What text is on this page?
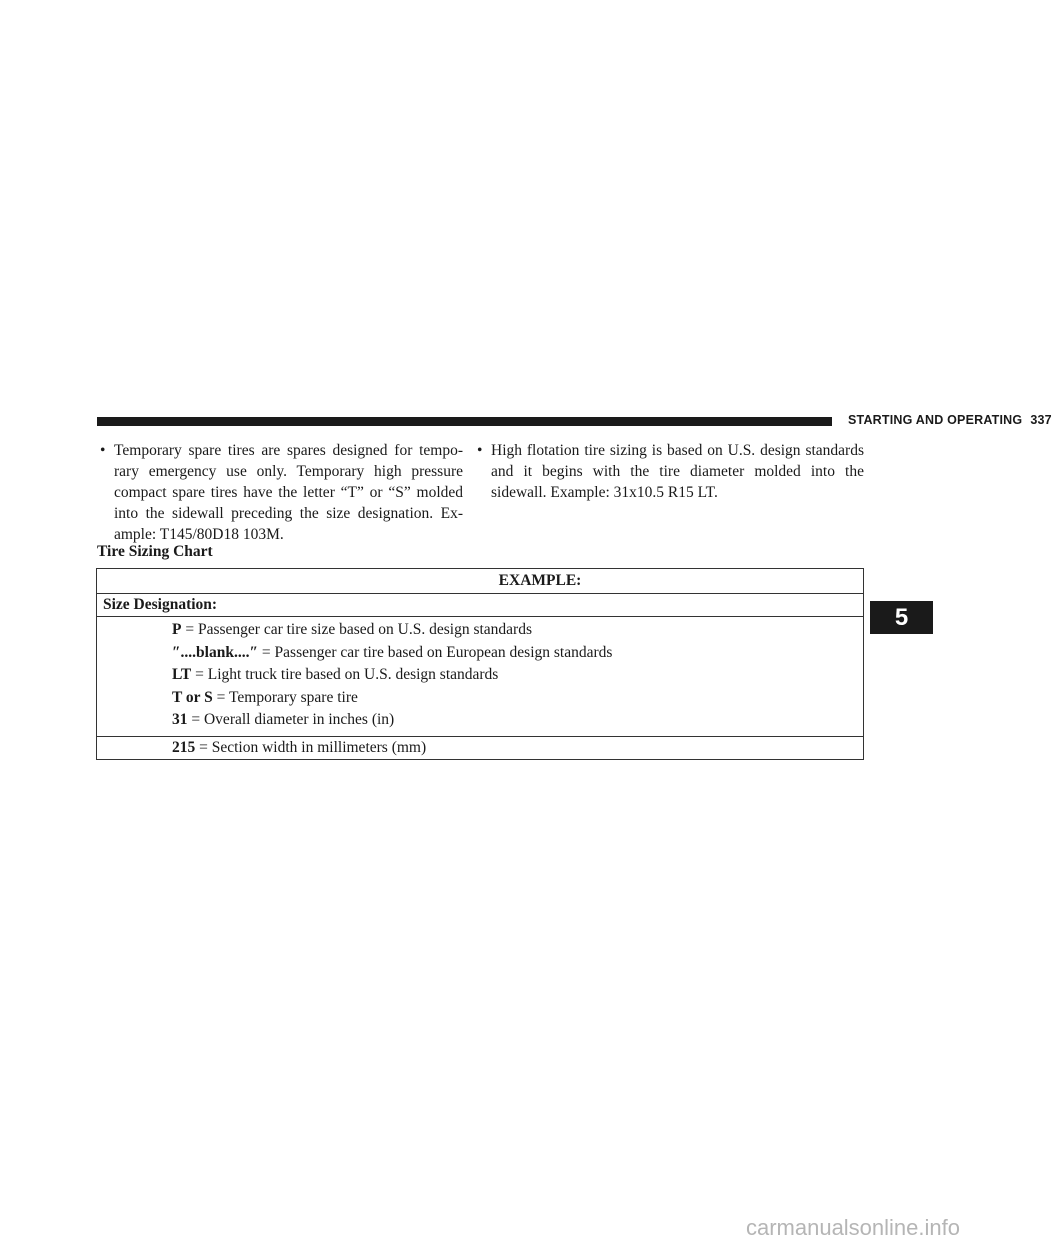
STARTING AND OPERATING 337
• Temporary spare tires are spares designed for tempo-rary emergency use only. Temporary high pressure compact spare tires have the letter “T” or “S” molded into the sidewall preceding the size designation. Ex-ample: T145/80D18 103M.
• High flotation tire sizing is based on U.S. design standards and it begins with the tire diameter molded into the sidewall. Example: 31x10.5 R15 LT.
Tire Sizing Chart
EXAMPLE:
Size Designation:

P = Passenger car tire size based on U.S. design standards
″....blank....″ = Passenger car tire based on European design standards
LT = Light truck tire based on U.S. design standards
T or S = Temporary spare tire
31 = Overall diameter in inches (in)

215 = Section width in millimeters (mm)
5
carmanualsonline.info
